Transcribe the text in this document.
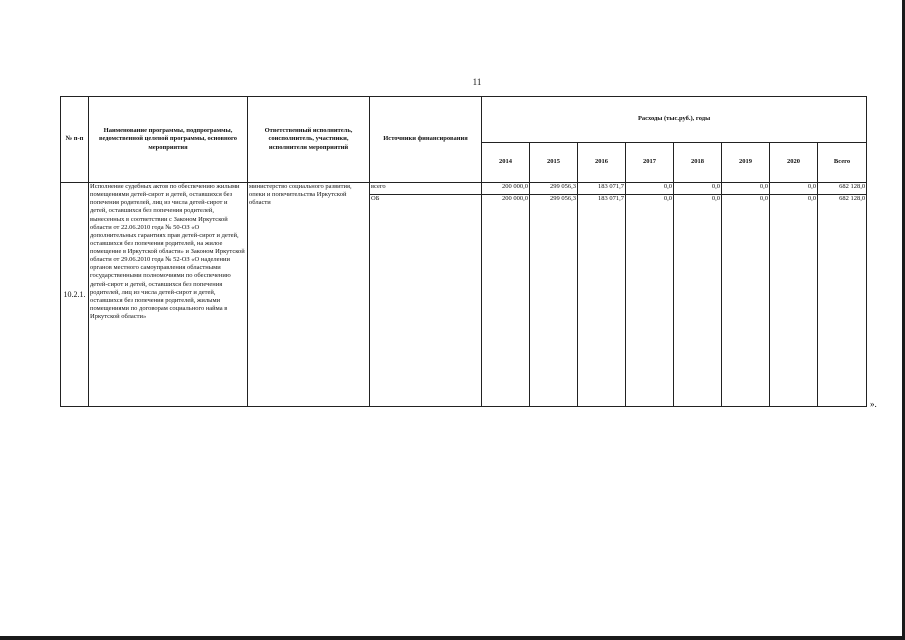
11
№ п-п	Наименование программы, подпрограммы, ведомственной целевой программы, основного мероприятия	Ответственный исполнитель, соисполнитель, участники, исполнители мероприятий	Источники финансирования	Расходы (тыс.руб.), годы							
				2014	2015	2016	2017	2018	2019	2020	Всего
10.2.1.	Исполнение судебных актов по обеспечению жилыми помещениями детей-сирот и детей, оставшихся без попечения родителей, лиц из числа детей-сирот и детей, оставшихся без попечения родителей, вынесенных в соответствии с Законом Иркутской области от 22.06.2010 года № 50-ОЗ «О дополнительных гарантиях прав детей-сирот и детей, оставшихся без попечения родителей, на жилое помещение в Иркутской области» и Законом Иркутской области от 29.06.2010 года № 52-ОЗ «О наделении органов местного самоуправления областными государственными полномочиями по обеспечению детей-сирот и детей, оставшихся без попечения родителей, лиц из числа детей-сирот и детей, оставшихся без попечения родителей, жилыми помещениями по договорам социального найма в Иркутской области»	министерство социального развития, опеки и попечительства Иркутской области	всего	200 000,0	299 056,3	183 071,7	0,0	0,0	0,0	0,0	682 128,0
			ОБ	200 000,0	299 056,3	183 071,7	0,0	0,0	0,0	0,0	682 128,0
».
